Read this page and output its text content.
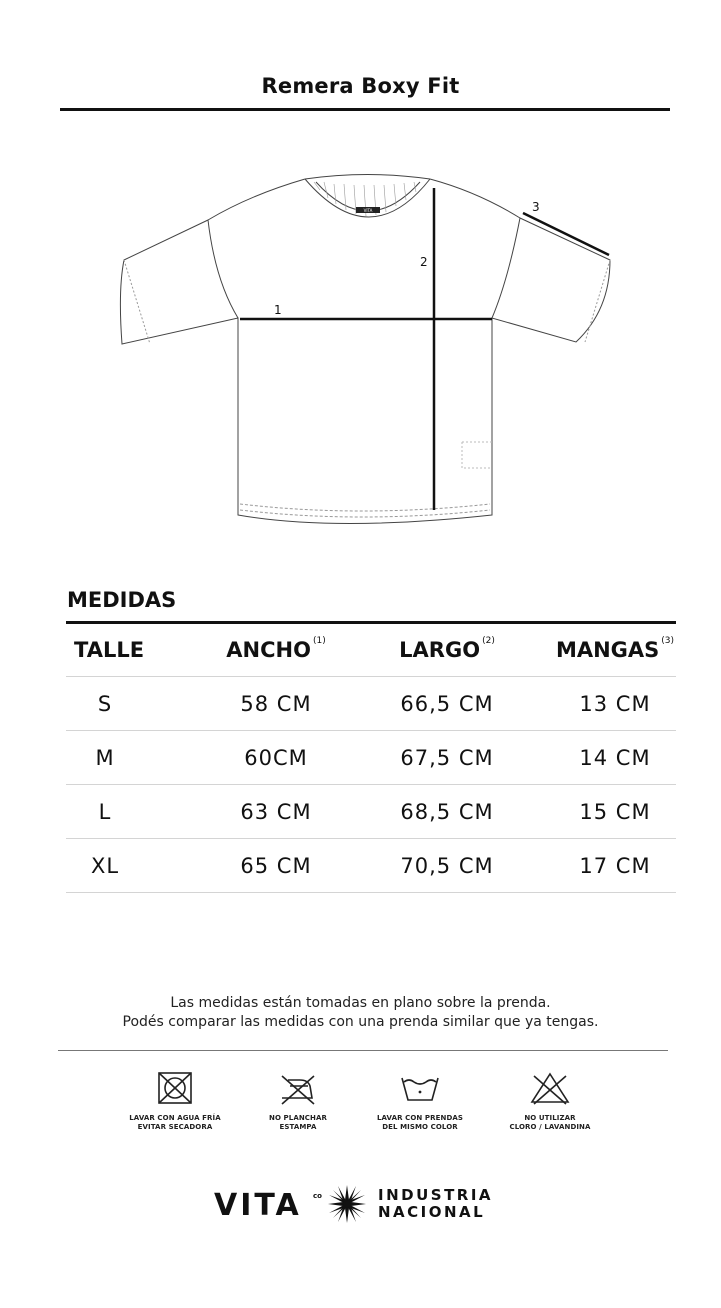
Remera Boxy Fit
VITA
1
2
3
MEDIDAS
TALLE	ANCHO (1)	LARGO (2)	MANGAS (3)
S	58 CM	66,5 CM	13 CM
M	60CM	67,5 CM	14 CM
L	63 CM	68,5 CM	15 CM
XL	65 CM	70,5 CM	17 CM
Las medidas están tomadas en plano sobre la prenda.
Podés comparar las medidas con una prenda similar que ya tengas.
LAVAR CON AGUA FRÍA
EVITAR SECADORA
NO PLANCHAR
ESTAMPA
LAVAR CON PRENDAS
DEL MISMO COLOR
NO UTILIZAR
CLORO / LAVANDINA
VITA co	INDUSTRIA
NACIONAL
